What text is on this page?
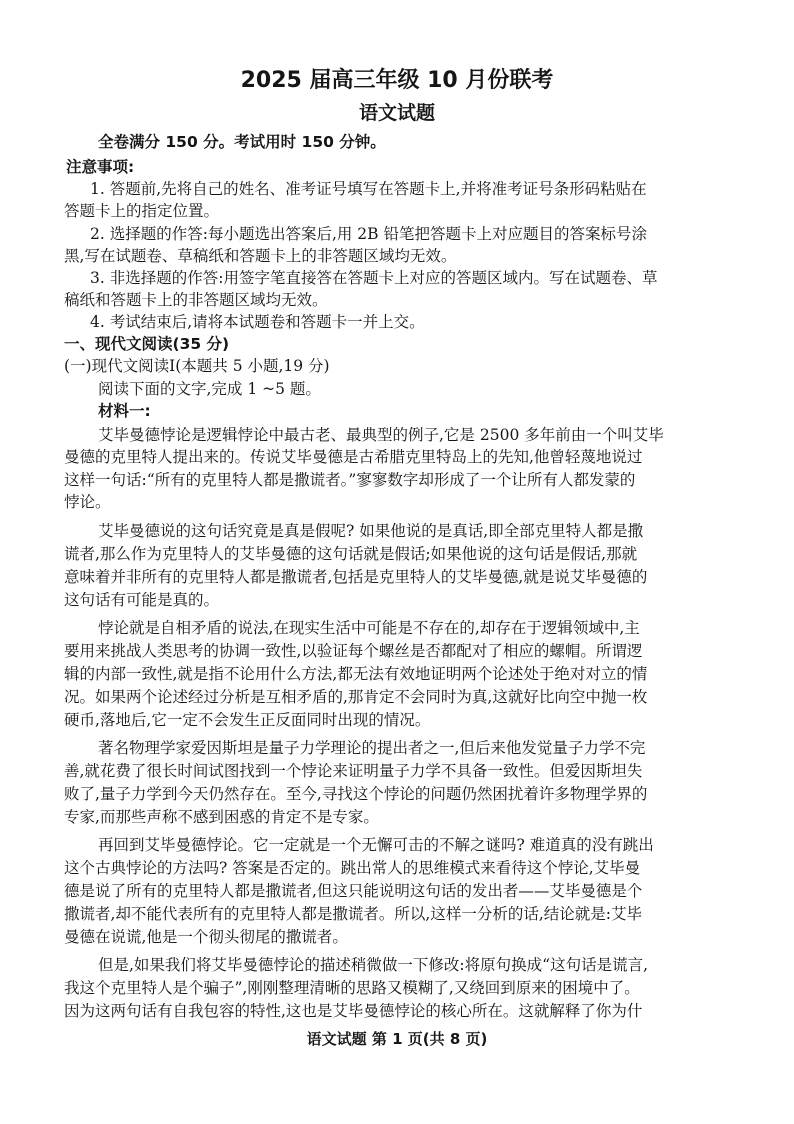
2025 届高三年级 10 月份联考
语文试题
全卷满分 150 分。考试用时 150 分钟。
注意事项:
1. 答题前,先将自己的姓名、准考证号填写在答题卡上,并将准考证号条形码粘贴在
答题卡上的指定位置。
2. 选择题的作答:每小题选出答案后,用 2B 铅笔把答题卡上对应题目的答案标号涂
黑,写在试题卷、草稿纸和答题卡上的非答题区域均无效。
3. 非选择题的作答:用签字笔直接答在答题卡上对应的答题区域内。写在试题卷、草
稿纸和答题卡上的非答题区域均无效。
4. 考试结束后,请将本试题卷和答题卡一并上交。
一、现代文阅读(35 分)
(一)现代文阅读Ⅰ(本题共 5 小题,19 分)
阅读下面的文字,完成 1 ~5 题。
材料一:
艾毕曼德悖论是逻辑悖论中最古老、最典型的例子,它是 2500 多年前由一个叫艾毕
曼德的克里特人提出来的。传说艾毕曼德是古希腊克里特岛上的先知,他曾轻蔑地说过
这样一句话:“所有的克里特人都是撒谎者。”寥寥数字却形成了一个让所有人都发蒙的
悖论。
艾毕曼德说的这句话究竟是真是假呢? 如果他说的是真话,即全部克里特人都是撒
谎者,那么作为克里特人的艾毕曼德的这句话就是假话;如果他说的这句话是假话,那就
意味着并非所有的克里特人都是撒谎者,包括是克里特人的艾毕曼德,就是说艾毕曼德的
这句话有可能是真的。
悖论就是自相矛盾的说法,在现实生活中可能是不存在的,却存在于逻辑领域中,主
要用来挑战人类思考的协调一致性,以验证每个螺丝是否都配对了相应的螺帽。所谓逻
辑的内部一致性,就是指不论用什么方法,都无法有效地证明两个论述处于绝对对立的情
况。如果两个论述经过分析是互相矛盾的,那肯定不会同时为真,这就好比向空中抛一枚
硬币,落地后,它一定不会发生正反面同时出现的情况。
著名物理学家爱因斯坦是量子力学理论的提出者之一,但后来他发觉量子力学不完
善,就花费了很长时间试图找到一个悖论来证明量子力学不具备一致性。但爱因斯坦失
败了,量子力学到今天仍然存在。至今,寻找这个悖论的问题仍然困扰着许多物理学界的
专家,而那些声称不感到困惑的肯定不是专家。
再回到艾毕曼德悖论。它一定就是一个无懈可击的不解之谜吗? 难道真的没有跳出
这个古典悖论的方法吗? 答案是否定的。跳出常人的思维模式来看待这个悖论,艾毕曼
德是说了所有的克里特人都是撒谎者,但这只能说明这句话的发出者——艾毕曼德是个
撒谎者,却不能代表所有的克里特人都是撒谎者。所以,这样一分析的话,结论就是:艾毕
曼德在说谎,他是一个彻头彻尾的撒谎者。
但是,如果我们将艾毕曼德悖论的描述稍微做一下修改:将原句换成“这句话是谎言,
我这个克里特人是个骗子”,刚刚整理清晰的思路又模糊了,又绕回到原来的困境中了。
因为这两句话有自我包容的特性,这也是艾毕曼德悖论的核心所在。这就解释了你为什
语文试题 第 1 页(共 8 页)
